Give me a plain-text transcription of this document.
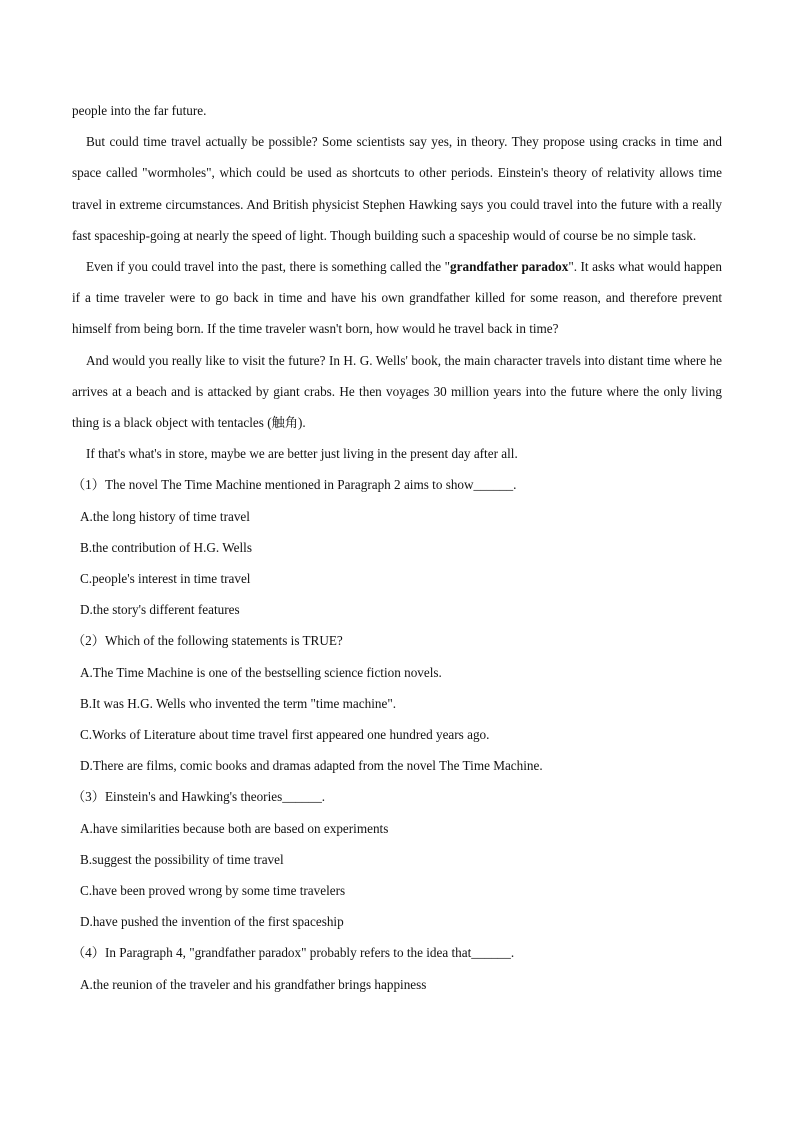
people into the far future.

But could time travel actually be possible? Some scientists say yes, in theory. They propose using cracks in time and space called "wormholes", which could be used as shortcuts to other periods. Einstein's theory of relativity allows time travel in extreme circumstances. And British physicist Stephen Hawking says you could travel into the future with a really fast spaceship-going at nearly the speed of light. Though building such a spaceship would of course be no simple task.

Even if you could travel into the past, there is something called the "grandfather paradox". It asks what would happen if a time traveler were to go back in time and have his own grandfather killed for some reason, and therefore prevent himself from being born. If the time traveler wasn't born, how would he travel back in time?

And would you really like to visit the future? In H. G. Wells' book, the main character travels into distant time where he arrives at a beach and is attacked by giant crabs. He then voyages 30 million years into the future where the only living thing is a black object with tentacles (触角).

If that's what's in store, maybe we are better just living in the present day after all.

（1）The novel The Time Machine mentioned in Paragraph 2 aims to show______.

A.the long history of time travel

B.the contribution of H.G. Wells

C.people's interest in time travel

D.the story's different features

（2）Which of the following statements is TRUE?

A.The Time Machine is one of the bestselling science fiction novels.

B.It was H.G. Wells who invented the term "time machine".

C.Works of Literature about time travel first appeared one hundred years ago.

D.There are films, comic books and dramas adapted from the novel The Time Machine.

（3）Einstein's and Hawking's theories______.

A.have similarities because both are based on experiments

B.suggest the possibility of time travel

C.have been proved wrong by some time travelers

D.have pushed the invention of the first spaceship

（4）In Paragraph 4, "grandfather paradox" probably refers to the idea that______.

A.the reunion of the traveler and his grandfather brings happiness
